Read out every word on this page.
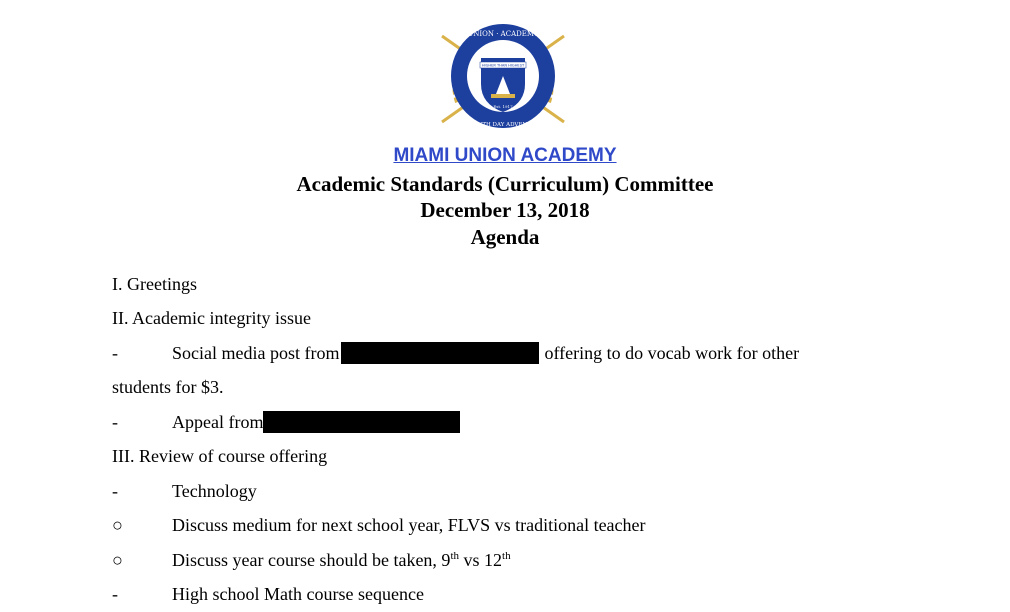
UNION · ACADEMY
SEVENTH DAY ADVENTISTS
HIGHER THAN HIGHEST
Est. 1917
MIAMI UNION ACADEMY
Academic Standards (Curriculum) Committee
December 13, 2018
Agenda
I. Greetings
II. Academic integrity issue
-	Social media post from	offering to do vocab work for other
students for $3.
-	Appeal from
III. Review of course offering
-	Technology
○	Discuss medium for next school year, FLVS vs traditional teacher
○	Discuss year course should be taken, 9th vs 12th
-	High school Math course sequence
